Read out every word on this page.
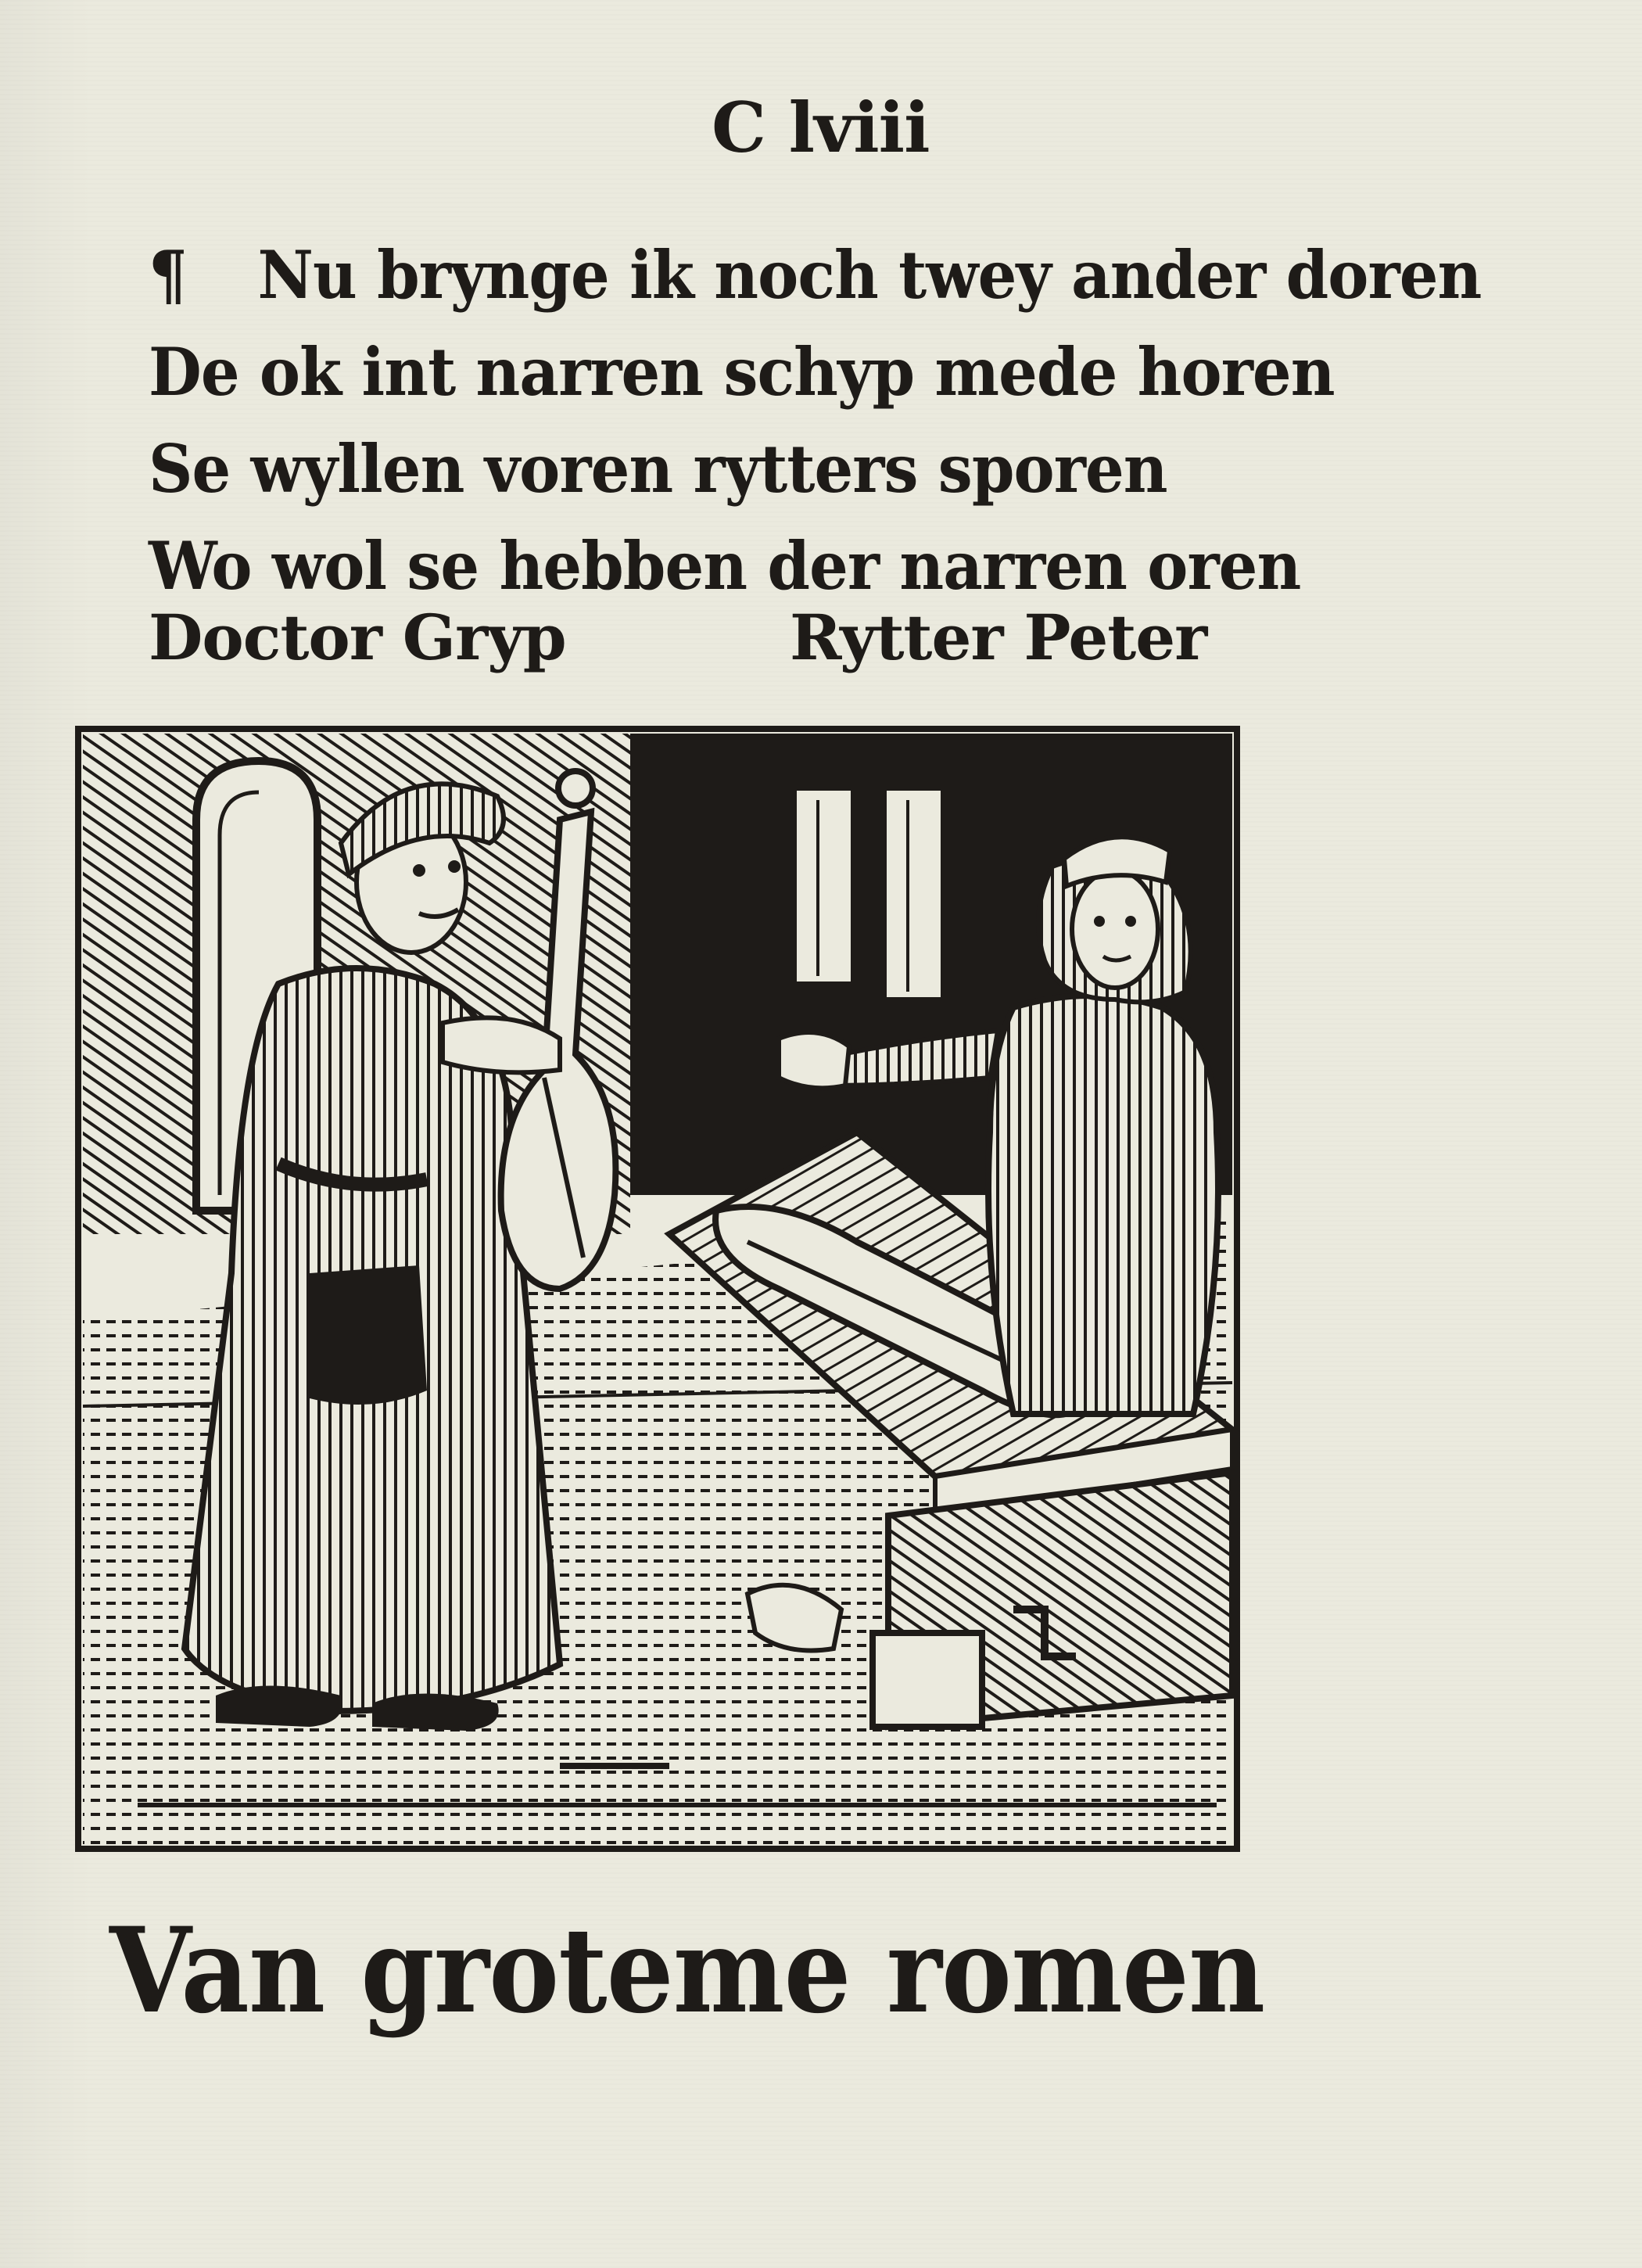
C lviii
¶ Nu brynge ik noch twey ander doren
De ok int narren schyp mede horen
Se wyllen voren rytters sporen
Wo wol se hebben der narren oren
Doctor Gryp	Rytter Peter
Van groteme romen
